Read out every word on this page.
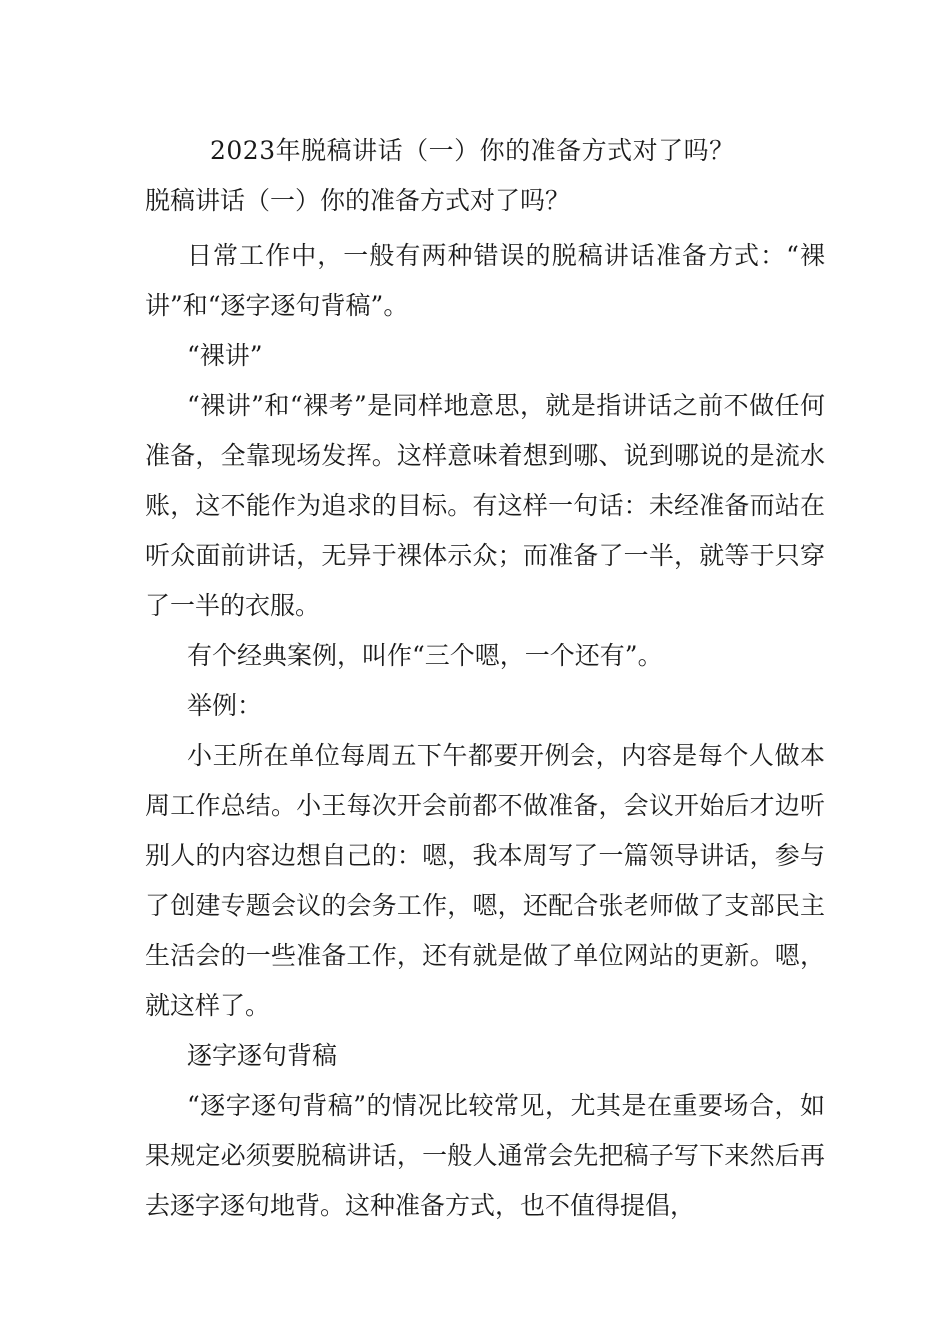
2023年脱稿讲话（一）你的准备方式对了吗？
脱稿讲话（一）你的准备方式对了吗？

日常工作中，一般有两种错误的脱稿讲话准备方式：“裸讲”和“逐字逐句背稿”。

“裸讲”

“裸讲”和“裸考”是同样地意思，就是指讲话之前不做任何准备，全靠现场发挥。这样意味着想到哪、说到哪说的是流水账，这不能作为追求的目标。有这样一句话：未经准备而站在听众面前讲话，无异于裸体示众；而准备了一半，就等于只穿了一半的衣服。

有个经典案例，叫作“三个嗯，一个还有”。

举例：

小王所在单位每周五下午都要开例会，内容是每个人做本周工作总结。小王每次开会前都不做准备，会议开始后才边听别人的内容边想自己的：嗯，我本周写了一篇领导讲话，参与了创建专题会议的会务工作，嗯，还配合张老师做了支部民主生活会的一些准备工作，还有就是做了单位网站的更新。嗯，就这样了。

逐字逐句背稿

“逐字逐句背稿”的情况比较常见，尤其是在重要场合，如果规定必须要脱稿讲话，一般人通常会先把稿子写下来然后再去逐字逐句地背。这种准备方式，也不值得提倡，
